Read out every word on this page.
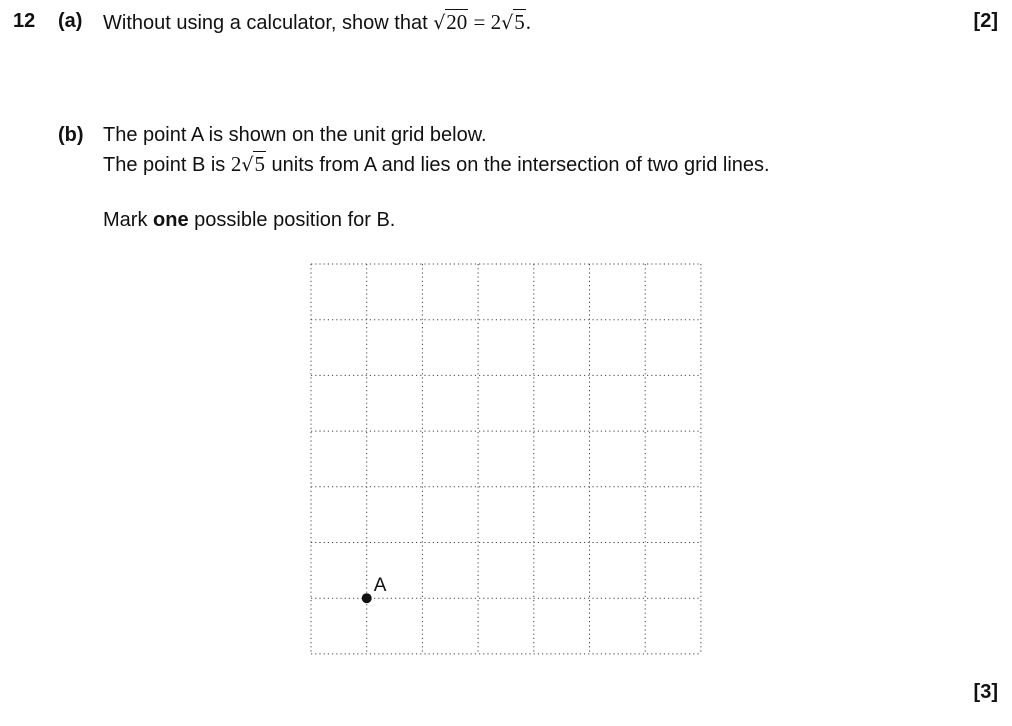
12 (a) Without using a calculator, show that √20 = 2√5.	[2]
(b) The point A is shown on the unit grid below.
The point B is 2√5 units from A and lies on the intersection of two grid lines.
Mark one possible position for B.
A
[3]
